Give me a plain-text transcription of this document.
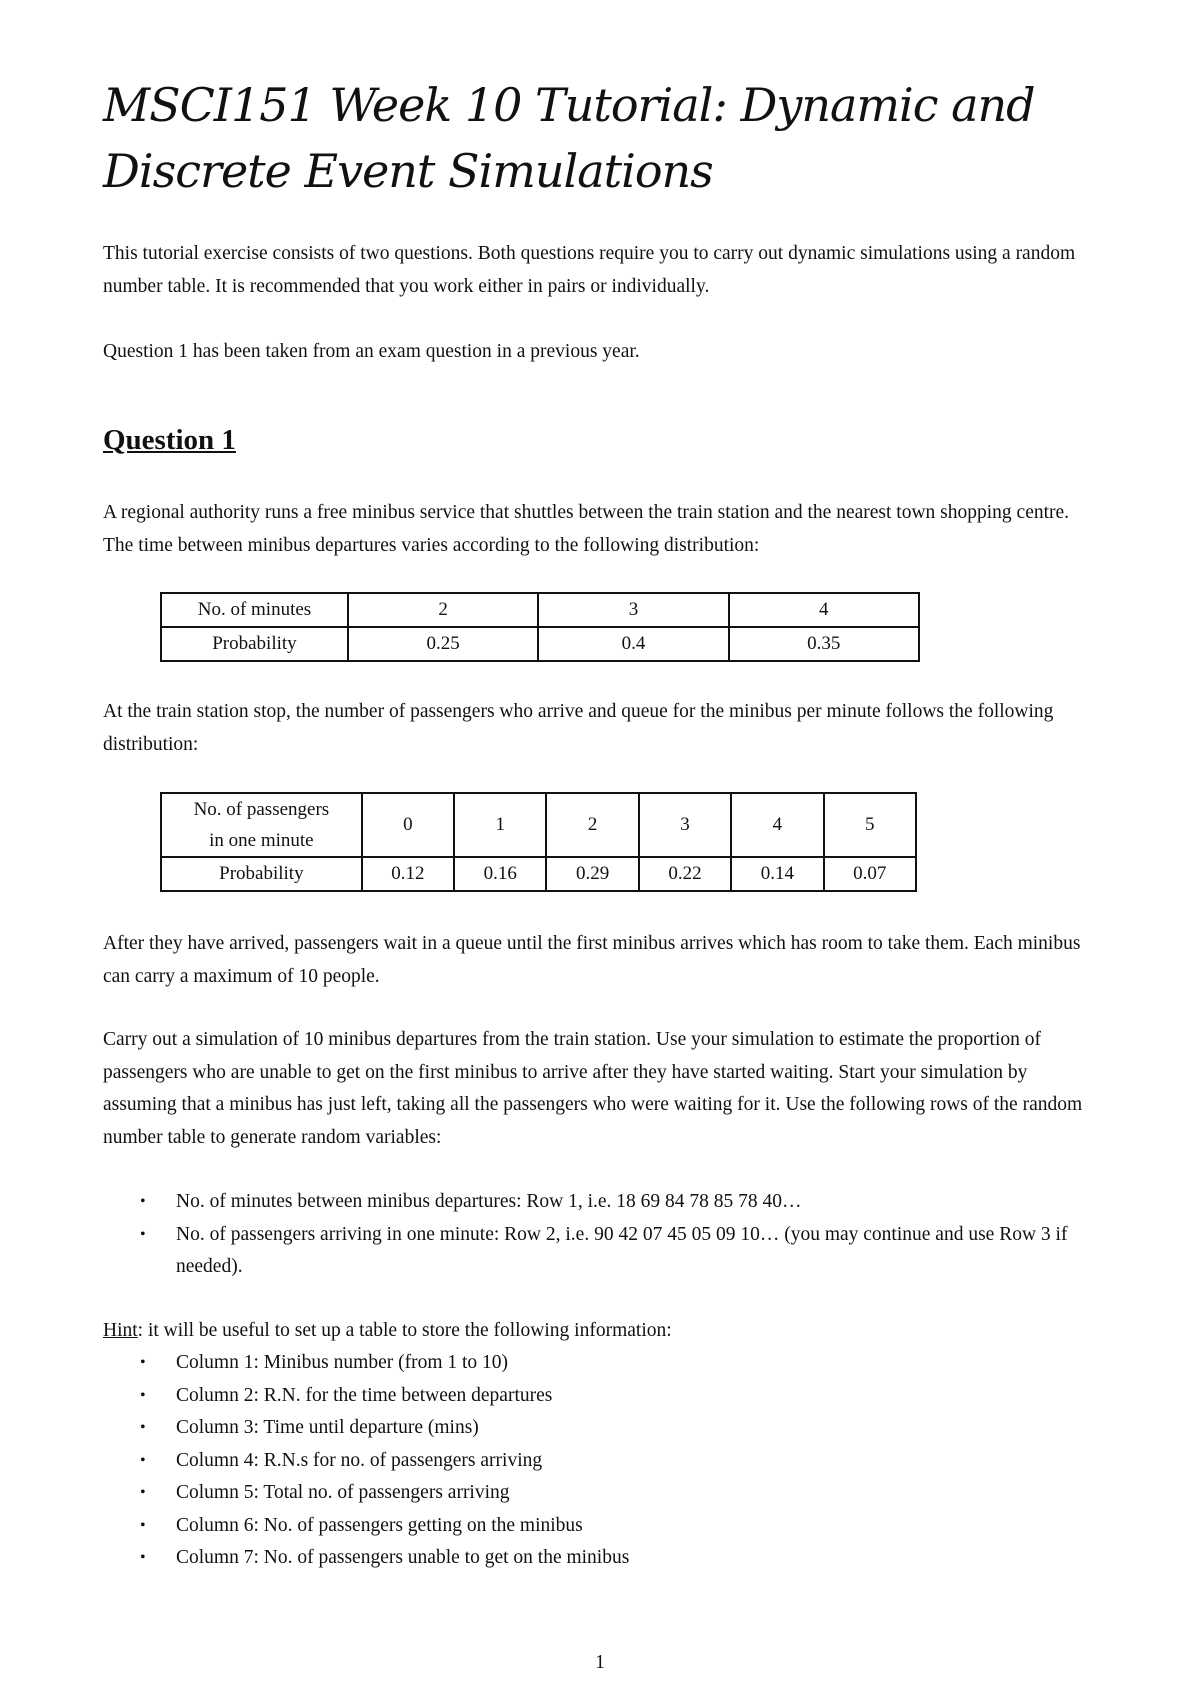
MSCI151 Week 10 Tutorial: Dynamic and Discrete Event Simulations

This tutorial exercise consists of two questions. Both questions require you to carry out dynamic simulations using a random number table. It is recommended that you work either in pairs or individually.

Question 1 has been taken from an exam question in a previous year.

Question 1

A regional authority runs a free minibus service that shuttles between the train station and the nearest town shopping centre. The time between minibus departures varies according to the following distribution:

No. of minutes	2	3	4
Probability	0.25	0.4	0.35

At the train station stop, the number of passengers who arrive and queue for the minibus per minute follows the following distribution:

No. of passengers
in one minute	0	1	2	3	4	5
Probability	0.12	0.16	0.29	0.22	0.14	0.07

After they have arrived, passengers wait in a queue until the first minibus arrives which has room to take them. Each minibus can carry a maximum of 10 people.

Carry out a simulation of 10 minibus departures from the train station. Use your simulation to estimate the proportion of passengers who are unable to get on the first minibus to arrive after they have started waiting. Start your simulation by assuming that a minibus has just left, taking all the passengers who were waiting for it. Use the following rows of the random number table to generate random variables:

• No. of minutes between minibus departures: Row 1, i.e. 18 69 84 78 85 78 40…
• No. of passengers arriving in one minute: Row 2, i.e. 90 42 07 45 05 09 10… (you may continue and use Row 3 if needed).

Hint: it will be useful to set up a table to store the following information:

• Column 1: Minibus number (from 1 to 10)
• Column 2: R.N. for the time between departures
• Column 3: Time until departure (mins)
• Column 4: R.N.s for no. of passengers arriving
• Column 5: Total no. of passengers arriving
• Column 6: No. of passengers getting on the minibus
• Column 7: No. of passengers unable to get on the minibus
1
